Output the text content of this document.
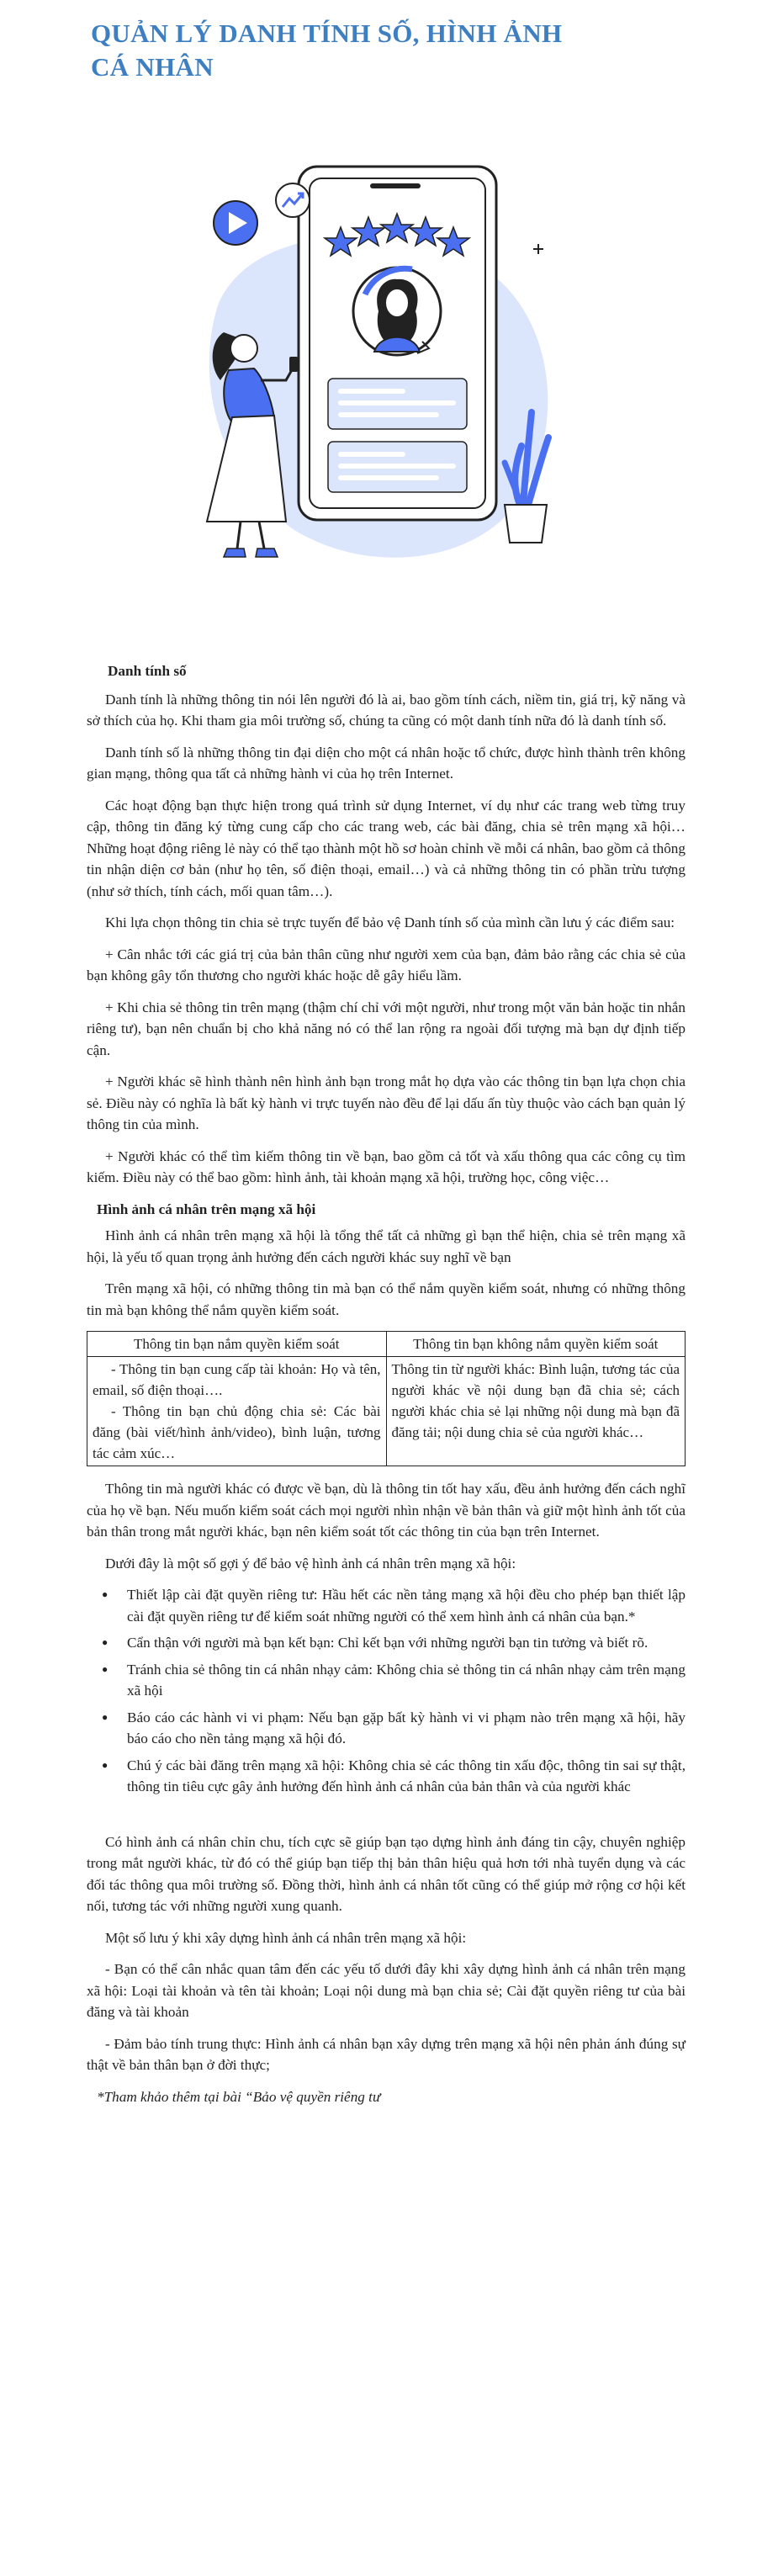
QUẢN LÝ DANH TÍNH SỐ, HÌNH ẢNH CÁ NHÂN

Danh tính số

Danh tính là những thông tin nói lên người đó là ai, bao gồm tính cách, niềm tin, giá trị, kỹ năng và sở thích của họ. Khi tham gia môi trường số, chúng ta cũng có một danh tính nữa đó là danh tính số.

Danh tính số là những thông tin đại diện cho một cá nhân hoặc tổ chức, được hình thành trên không gian mạng, thông qua tất cả những hành vi của họ trên Internet.

Các hoạt động bạn thực hiện trong quá trình sử dụng Internet, ví dụ như các trang web từng truy cập, thông tin đăng ký từng cung cấp cho các trang web, các bài đăng, chia sẻ trên mạng xã hội… Những hoạt động riêng lẻ này có thể tạo thành một hồ sơ hoàn chỉnh về mỗi cá nhân, bao gồm cả thông tin nhận diện cơ bản (như họ tên, số điện thoại, email…) và cả những thông tin có phần trừu tượng (như sở thích, tính cách, mối quan tâm…).

Khi lựa chọn thông tin chia sẻ trực tuyến để bảo vệ Danh tính số của mình cần lưu ý các điểm sau:

+ Cân nhắc tới các giá trị của bản thân cũng như người xem của bạn, đảm bảo rằng các chia sẻ của bạn không gây tổn thương cho người khác hoặc dễ gây hiểu lầm.

+ Khi chia sẻ thông tin trên mạng (thậm chí chỉ với một người, như trong một văn bản hoặc tin nhắn riêng tư), bạn nên chuẩn bị cho khả năng nó có thể lan rộng ra ngoài đối tượng mà bạn dự định tiếp cận.

+ Người khác sẽ hình thành nên hình ảnh bạn trong mắt họ dựa vào các thông tin bạn lựa chọn chia sẻ. Điều này có nghĩa là bất kỳ hành vi trực tuyến nào đều để lại dấu ấn tùy thuộc vào cách bạn quản lý thông tin của mình.

+ Người khác có thể tìm kiếm thông tin về bạn, bao gồm cả tốt và xấu thông qua các công cụ tìm kiếm. Điều này có thể bao gồm: hình ảnh, tài khoản mạng xã hội, trường học, công việc…

Hình ảnh cá nhân trên mạng xã hội

Hình ảnh cá nhân trên mạng xã hội là tổng thể tất cả những gì bạn thể hiện, chia sẻ trên mạng xã hội, là yếu tố quan trọng ảnh hưởng đến cách người khác suy nghĩ về bạn

Trên mạng xã hội, có những thông tin mà bạn có thể nắm quyền kiểm soát, nhưng có những thông tin mà bạn không thể nắm quyền kiểm soát.

Thông tin bạn nắm quyền kiểm soát	Thông tin bạn không nắm quyền kiểm soát

- Thông tin bạn cung cấp tài khoản: Họ và tên, email, số điện thoại….

- Thông tin bạn chủ động chia sẻ: Các bài đăng (bài viết/hình ảnh/video), bình luận, tương tác cảm xúc…	Thông tin từ người khác: Bình luận, tương tác của người khác về nội dung bạn đã chia sẻ; cách người khác chia sẻ lại những nội dung mà bạn đã đăng tải; nội dung chia sẻ của người khác…

Thông tin mà người khác có được về bạn, dù là thông tin tốt hay xấu, đều ảnh hưởng đến cách nghĩ của họ về bạn. Nếu muốn kiểm soát cách mọi người nhìn nhận về bản thân và giữ một hình ảnh tốt của bản thân trong mắt người khác, bạn nên kiểm soát tốt các thông tin của bạn trên Internet.

Dưới đây là một số gợi ý để bảo vệ hình ảnh cá nhân trên mạng xã hội:

● Thiết lập cài đặt quyền riêng tư: Hầu hết các nền tảng mạng xã hội đều cho phép bạn thiết lập cài đặt quyền riêng tư để kiểm soát những người có thể xem hình ảnh cá nhân của bạn.*
● Cẩn thận với người mà bạn kết bạn: Chỉ kết bạn với những người bạn tin tưởng và biết rõ.
● Tránh chia sẻ thông tin cá nhân nhạy cảm: Không chia sẻ thông tin cá nhân nhạy cảm trên mạng xã hội
● Báo cáo các hành vi vi phạm: Nếu bạn gặp bất kỳ hành vi vi phạm nào trên mạng xã hội, hãy báo cáo cho nền tảng mạng xã hội đó.
● Chú ý các bài đăng trên mạng xã hội: Không chia sẻ các thông tin xấu độc, thông tin sai sự thật, thông tin tiêu cực gây ảnh hưởng đến hình ảnh cá nhân của bản thân và của người khác

Có hình ảnh cá nhân chỉn chu, tích cực sẽ giúp bạn tạo dựng hình ảnh đáng tin cậy, chuyên nghiệp trong mắt người khác, từ đó có thể giúp bạn tiếp thị bản thân hiệu quả hơn tới nhà tuyển dụng và các đối tác thông qua môi trường số. Đồng thời, hình ảnh cá nhân tốt cũng có thể giúp mở rộng cơ hội kết nối, tương tác với những người xung quanh.

Một số lưu ý khi xây dựng hình ảnh cá nhân trên mạng xã hội:

- Bạn có thể cân nhắc quan tâm đến các yếu tố dưới đây khi xây dựng hình ảnh cá nhân trên mạng xã hội: Loại tài khoản và tên tài khoản; Loại nội dung mà bạn chia sẻ; Cài đặt quyền riêng tư của bài đăng và tài khoản

- Đảm bảo tính trung thực: Hình ảnh cá nhân bạn xây dựng trên mạng xã hội nên phản ánh đúng sự thật về bản thân bạn ở đời thực;

*Tham khảo thêm tại bài “Bảo vệ quyền riêng tư
